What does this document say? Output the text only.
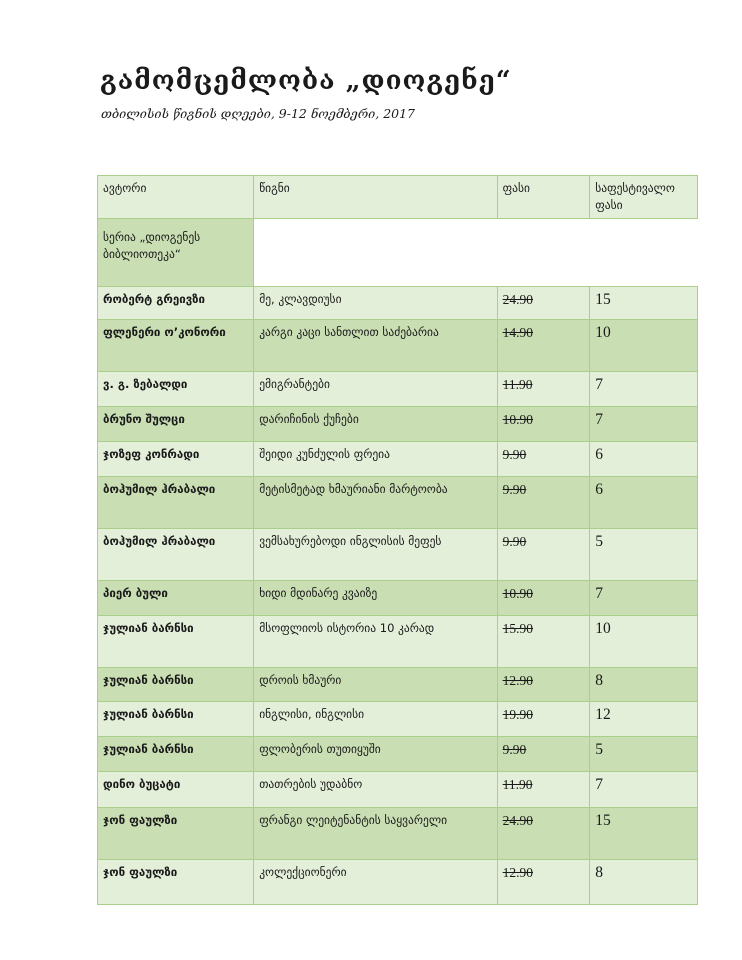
გამომცემლობა „დიოგენე“

თბილისის წიგნის დღეები, 9-12 ნოემბერი, 2017

ავტორი	წიგნი	ფასი	საფესტივალო ფასი
სერია „დიოგენეს ბიბლიოთეკა“			
რობერტ გრეივზი	მე, კლავდიუსი	24.90	15
ფლენერი ო’კონორი	კარგი კაცი სანთლით საძებარია	14.90	10
ვ. გ. ზებალდი	ემიგრანტები	11.90	7
ბრუნო შულცი	დარიჩინის ქუჩები	10.90	7
ჯოზეფ კონრადი	შეიდი კუნძულის ფრეია	9.90	6
ბოჰუმილ ჰრაბალი	მეტისმეტად ხმაურიანი მარტოობა	9.90	6
ბოჰუმილ ჰრაბალი	ვემსახურებოდი ინგლისის მეფეს	9.90	5
პიერ ბული	ხიდი მდინარე კვაიზე	10.90	7
ჯულიან ბარნსი	მსოფლიოს ისტორია 10 კარად	15.90	10
ჯულიან ბარნსი	დროის ხმაური	12.90	8
ჯულიან ბარნსი	ინგლისი, ინგლისი	19.90	12
ჯულიან ბარნსი	ფლობერის თუთიყუში	9.90	5
დინო ბუცატი	თათრების უდაბნო	11.90	7
ჯონ ფაულზი	ფრანგი ლეიტენანტის საყვარელი	24.90	15
ჯონ ფაულზი	კოლექციონერი	12.90	8
